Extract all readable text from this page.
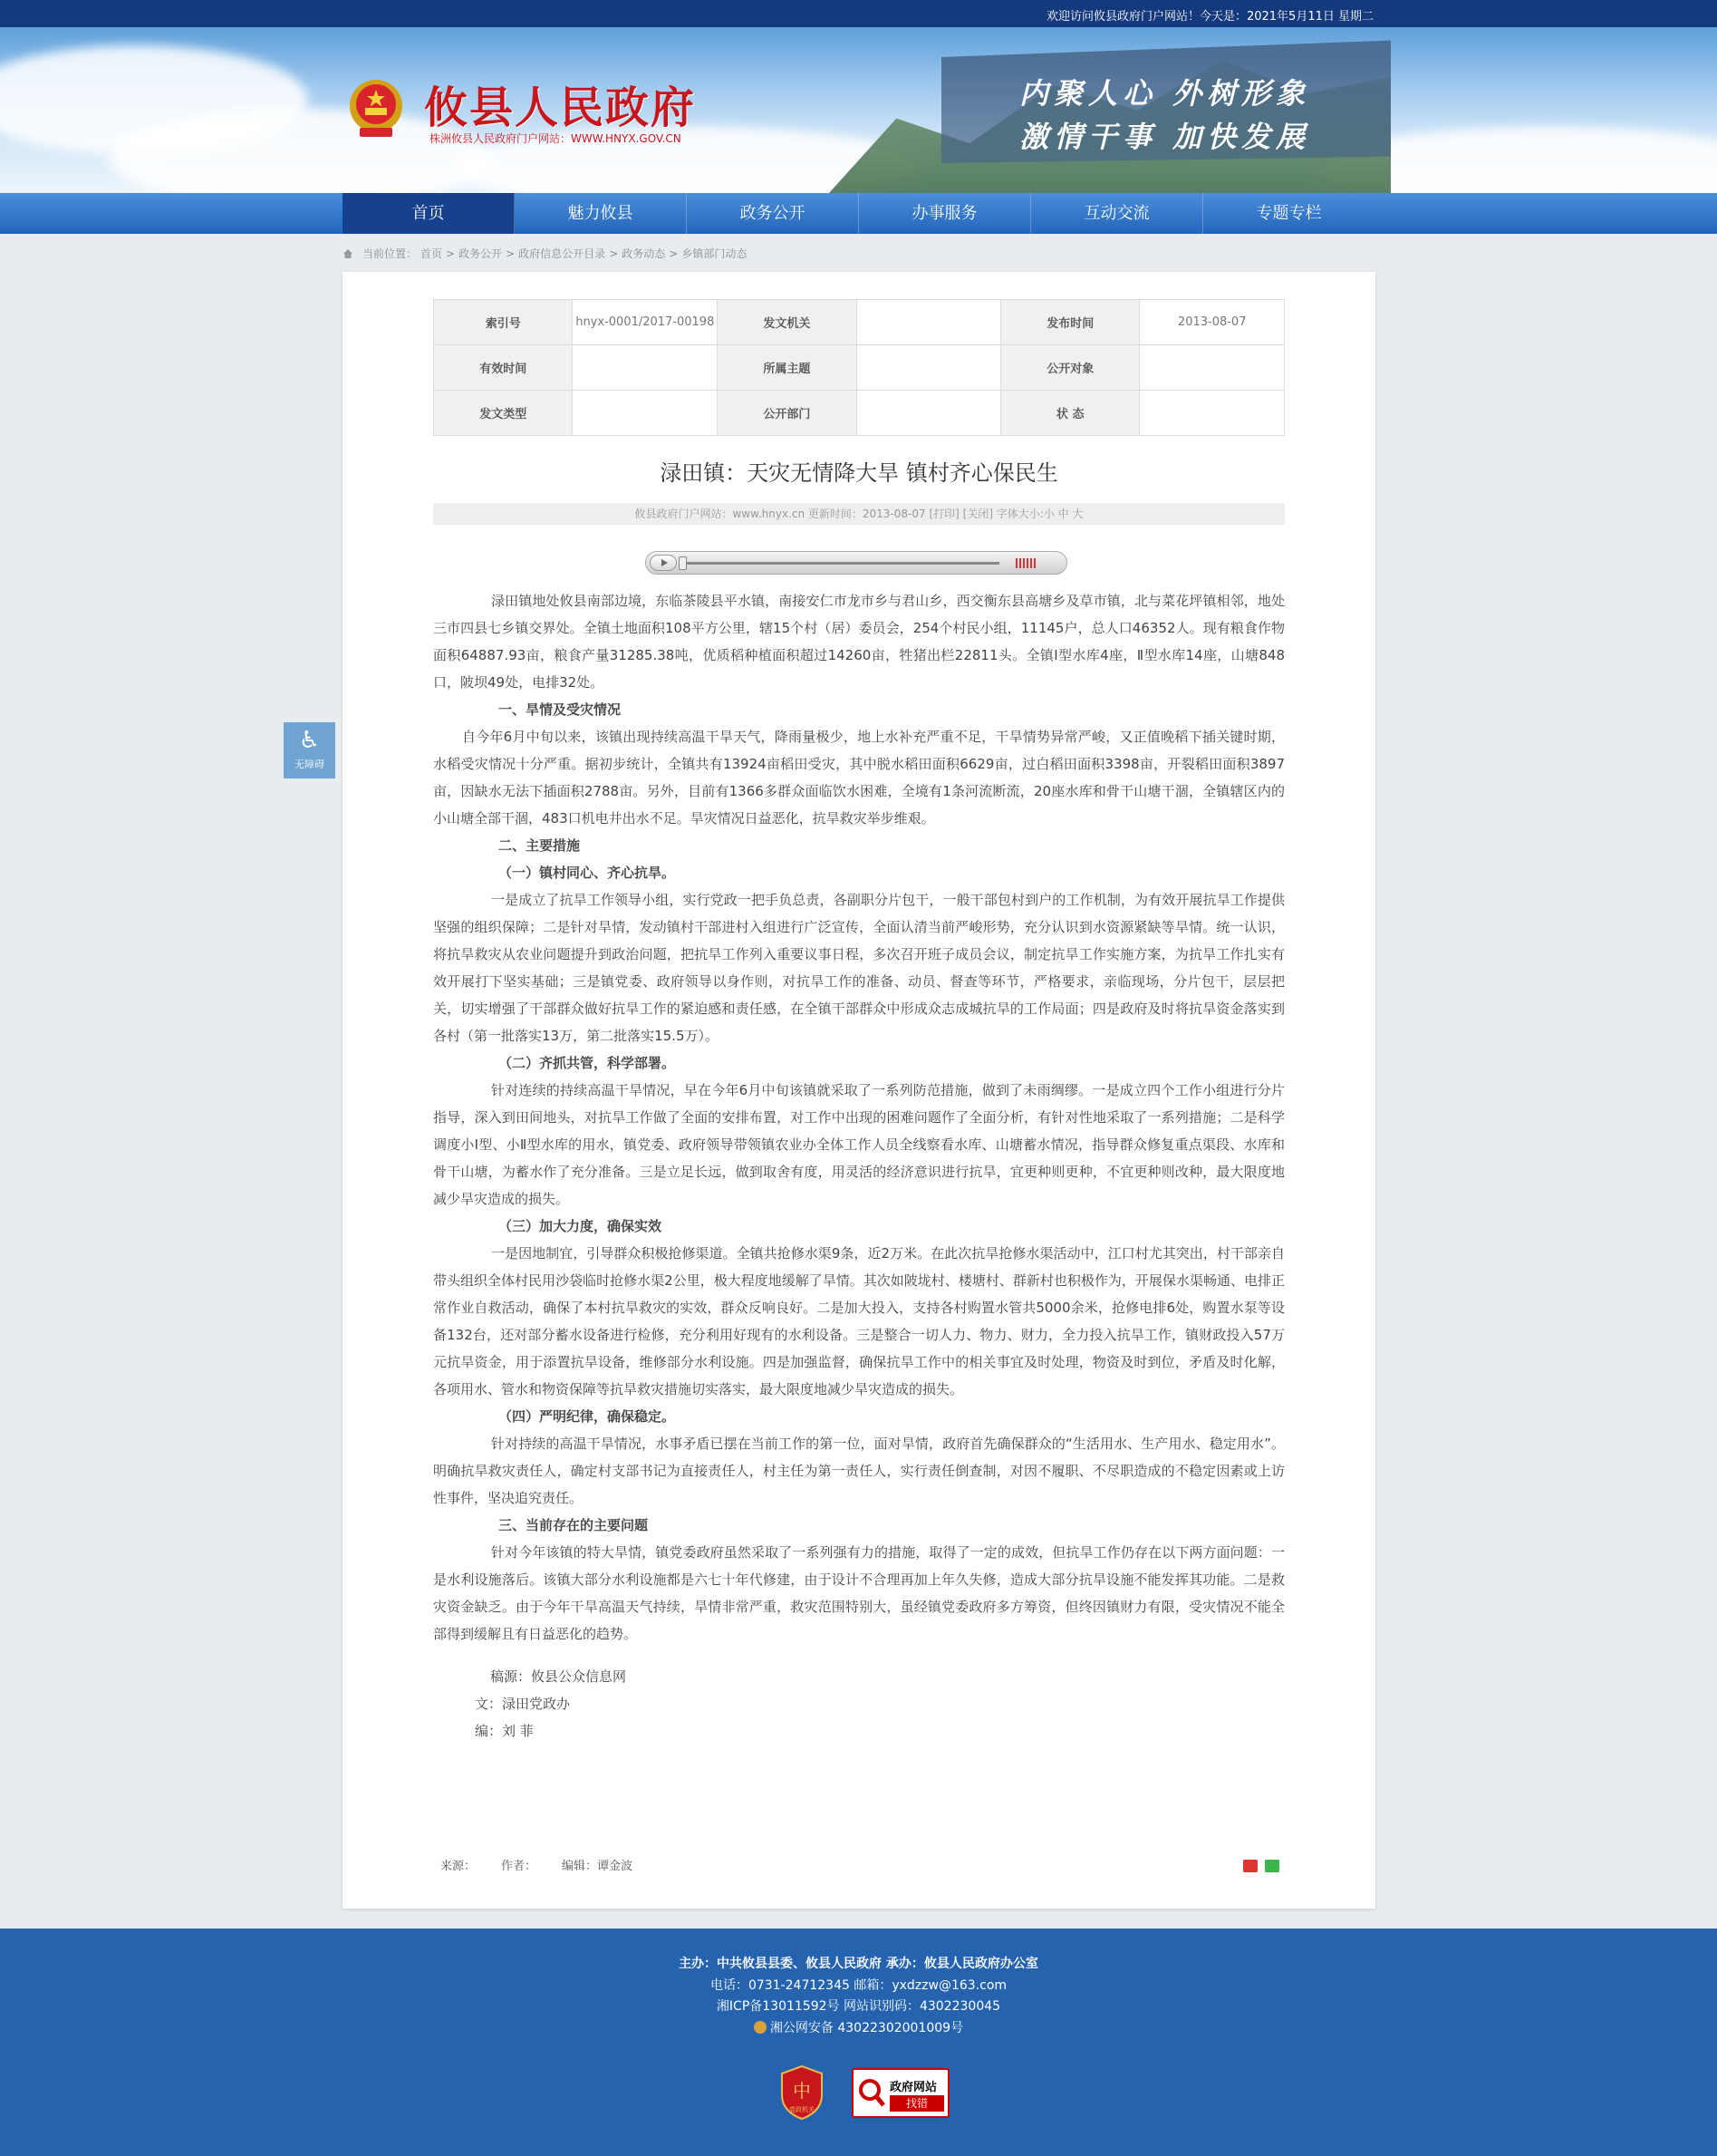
欢迎访问攸县政府门户网站！今天是：2021年5月11日 星期二
攸县人民政府
株洲攸县人民政府门户网站：WWW.HNYX.GOV.CN
内聚人心 外树形象
激情干事 加快发展
首页	魅力攸县	政务公开	办事服务	互动交流	专题专栏
当前位置： 首页 > 政务公开 > 政府信息公开目录 > 政务动态 > 乡镇部门动态
♿
无障碍
索引号	hnyx-0001/2017-00198	发文机关		发布时间	2013-08-07
有效时间		所属主题		公开对象	
发文类型		公开部门		状 态	
渌田镇：天灾无情降大旱 镇村齐心保民生
攸县政府门户网站：www.hnyx.cn 更新时间：2013-08-07 [打印] [关闭] 字体大小:小 中 大

渌田镇地处攸县南部边境，东临茶陵县平水镇，南接安仁市龙市乡与君山乡，西交衡东县高塘乡及草市镇，北与菜花坪镇相邻，地处三市四县七乡镇交界处。全镇土地面积108平方公里，辖15个村（居）委员会，254个村民小组，11145户，总人口46352人。现有粮食作物面积64887.93亩，粮食产量31285.38吨，优质稻种植面积超过14260亩，牲猪出栏22811头。全镇Ⅰ型水库4座，Ⅱ型水库14座，山塘848口，陂坝49处，电排32处。

一、旱情及受灾情况

自今年6月中旬以来，该镇出现持续高温干旱天气，降雨量极少，地上水补充严重不足，干旱情势异常严峻，又正值晚稻下插关键时期，水稻受灾情况十分严重。据初步统计，全镇共有13924亩稻田受灾，其中脱水稻田面积6629亩，过白稻田面积3398亩，开裂稻田面积3897亩，因缺水无法下插面积2788亩。另外，目前有1366多群众面临饮水困难，全境有1条河流断流，20座水库和骨干山塘干涸，全镇辖区内的小山塘全部干涸，483口机电井出水不足。旱灾情况日益恶化，抗旱救灾举步维艰。

二、主要措施

（一）镇村同心、齐心抗旱。

一是成立了抗旱工作领导小组，实行党政一把手负总责，各副职分片包干，一般干部包村到户的工作机制，为有效开展抗旱工作提供坚强的组织保障；二是针对旱情，发动镇村干部进村入组进行广泛宣传，全面认清当前严峻形势，充分认识到水资源紧缺等旱情。统一认识，将抗旱救灾从农业问题提升到政治问题，把抗旱工作列入重要议事日程，多次召开班子成员会议，制定抗旱工作实施方案，为抗旱工作扎实有效开展打下坚实基础；三是镇党委、政府领导以身作则，对抗旱工作的准备、动员、督查等环节，严格要求，亲临现场，分片包干，层层把关，切实增强了干部群众做好抗旱工作的紧迫感和责任感，在全镇干部群众中形成众志成城抗旱的工作局面；四是政府及时将抗旱资金落实到各村（第一批落实13万，第二批落实15.5万）。

（二）齐抓共管，科学部署。

针对连续的持续高温干旱情况，早在今年6月中旬该镇就采取了一系列防范措施，做到了未雨绸缪。一是成立四个工作小组进行分片指导，深入到田间地头，对抗旱工作做了全面的安排布置，对工作中出现的困难问题作了全面分析，有针对性地采取了一系列措施；二是科学调度小Ⅰ型、小Ⅱ型水库的用水，镇党委、政府领导带领镇农业办全体工作人员全线察看水库、山塘蓄水情况，指导群众修复重点渠段、水库和骨干山塘，为蓄水作了充分准备。三是立足长远，做到取舍有度，用灵活的经济意识进行抗旱，宜更种则更种，不宜更种则改种，最大限度地减少旱灾造成的损失。

（三）加大力度，确保实效

一是因地制宜，引导群众积极抢修渠道。全镇共抢修水渠9条，近2万米。在此次抗旱抢修水渠活动中，江口村尤其突出，村干部亲自带头组织全体村民用沙袋临时抢修水渠2公里，极大程度地缓解了旱情。其次如陂垅村、楼塘村、群新村也积极作为，开展保水渠畅通、电排正常作业自救活动，确保了本村抗旱救灾的实效，群众反响良好。二是加大投入，支持各村购置水管共5000余米，抢修电排6处，购置水泵等设备132台，还对部分蓄水设备进行检修，充分利用好现有的水利设备。三是整合一切人力、物力、财力，全力投入抗旱工作，镇财政投入57万元抗旱资金，用于添置抗旱设备，维修部分水利设施。四是加强监督，确保抗旱工作中的相关事宜及时处理，物资及时到位，矛盾及时化解，各项用水、管水和物资保障等抗旱救灾措施切实落实，最大限度地减少旱灾造成的损失。

（四）严明纪律，确保稳定。

针对持续的高温干旱情况，水事矛盾已摆在当前工作的第一位，面对旱情，政府首先确保群众的“生活用水、生产用水、稳定用水”。明确抗旱救灾责任人，确定村支部书记为直接责任人，村主任为第一责任人，实行责任倒查制，对因不履职、不尽职造成的不稳定因素或上访性事件，坚决追究责任。

三、当前存在的主要问题

针对今年该镇的特大旱情，镇党委政府虽然采取了一系列强有力的措施，取得了一定的成效，但抗旱工作仍存在以下两方面问题：一是水利设施落后。该镇大部分水利设施都是六七十年代修建，由于设计不合理再加上年久失修，造成大部分抗旱设施不能发挥其功能。二是救灾资金缺乏。由于今年干旱高温天气持续，旱情非常严重，救灾范围特别大，虽经镇党委政府多方筹资，但终因镇财力有限，受灾情况不能全部得到缓解且有日益恶化的趋势。

稿源：攸县公众信息网
文：渌田党政办
编：刘 菲
来源： 作者： 编辑：谭金波
主办：中共攸县县委、攸县人民政府 承办：攸县人民政府办公室
电话：0731-24712345 邮箱：yxdzzw@163.com
湘ICP备13011592号 网站识别码：4302230045
湘公网安备 43022302001009号
中
党政机关
政府网站
找错
